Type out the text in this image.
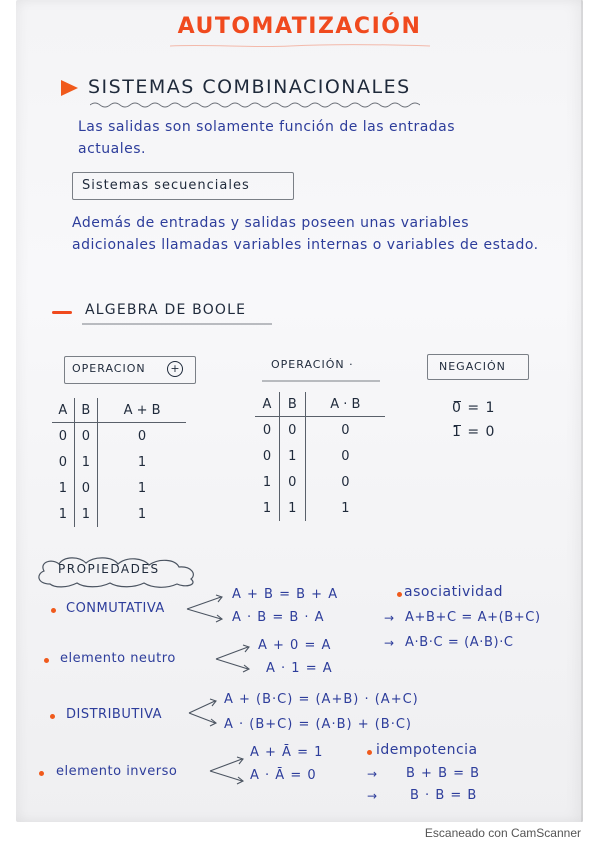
AUTOMATIZACIÓN
SISTEMAS COMBINACIONALES
Las salidas son solamente función de las entradas actuales.
Sistemas secuenciales
Además de entradas y salidas poseen unas variables adicionales llamadas variables internas o variables de estado.
ALGEBRA DE BOOLE
OPERACION	+	OPERACIÓN ·	NEGACIÓN
A	B	A + B
0	0	0
0	1	1
1	0	1
1	1	1
A	B	A · B
0	0	0
0	1	0
1	0	0
1	1	1
0̅ = 1
1̅ = 0
PROPIEDADES
CONMUTATIVA
A + B = B + A
A · B = B · A
elemento neutro
A + 0 = A
A · 1 = A
DISTRIBUTIVA
A + (B·C) = (A+B) · (A+C)
A · (B+C) = (A·B) + (B·C)
elemento inverso
A + Ā = 1
A · Ā = 0
asociatividad
→ A+B+C = A+(B+C)
→ A·B·C = (A·B)·C
idempotencia
→ B + B = B
→ B · B = B
Escaneado con CamScanner
